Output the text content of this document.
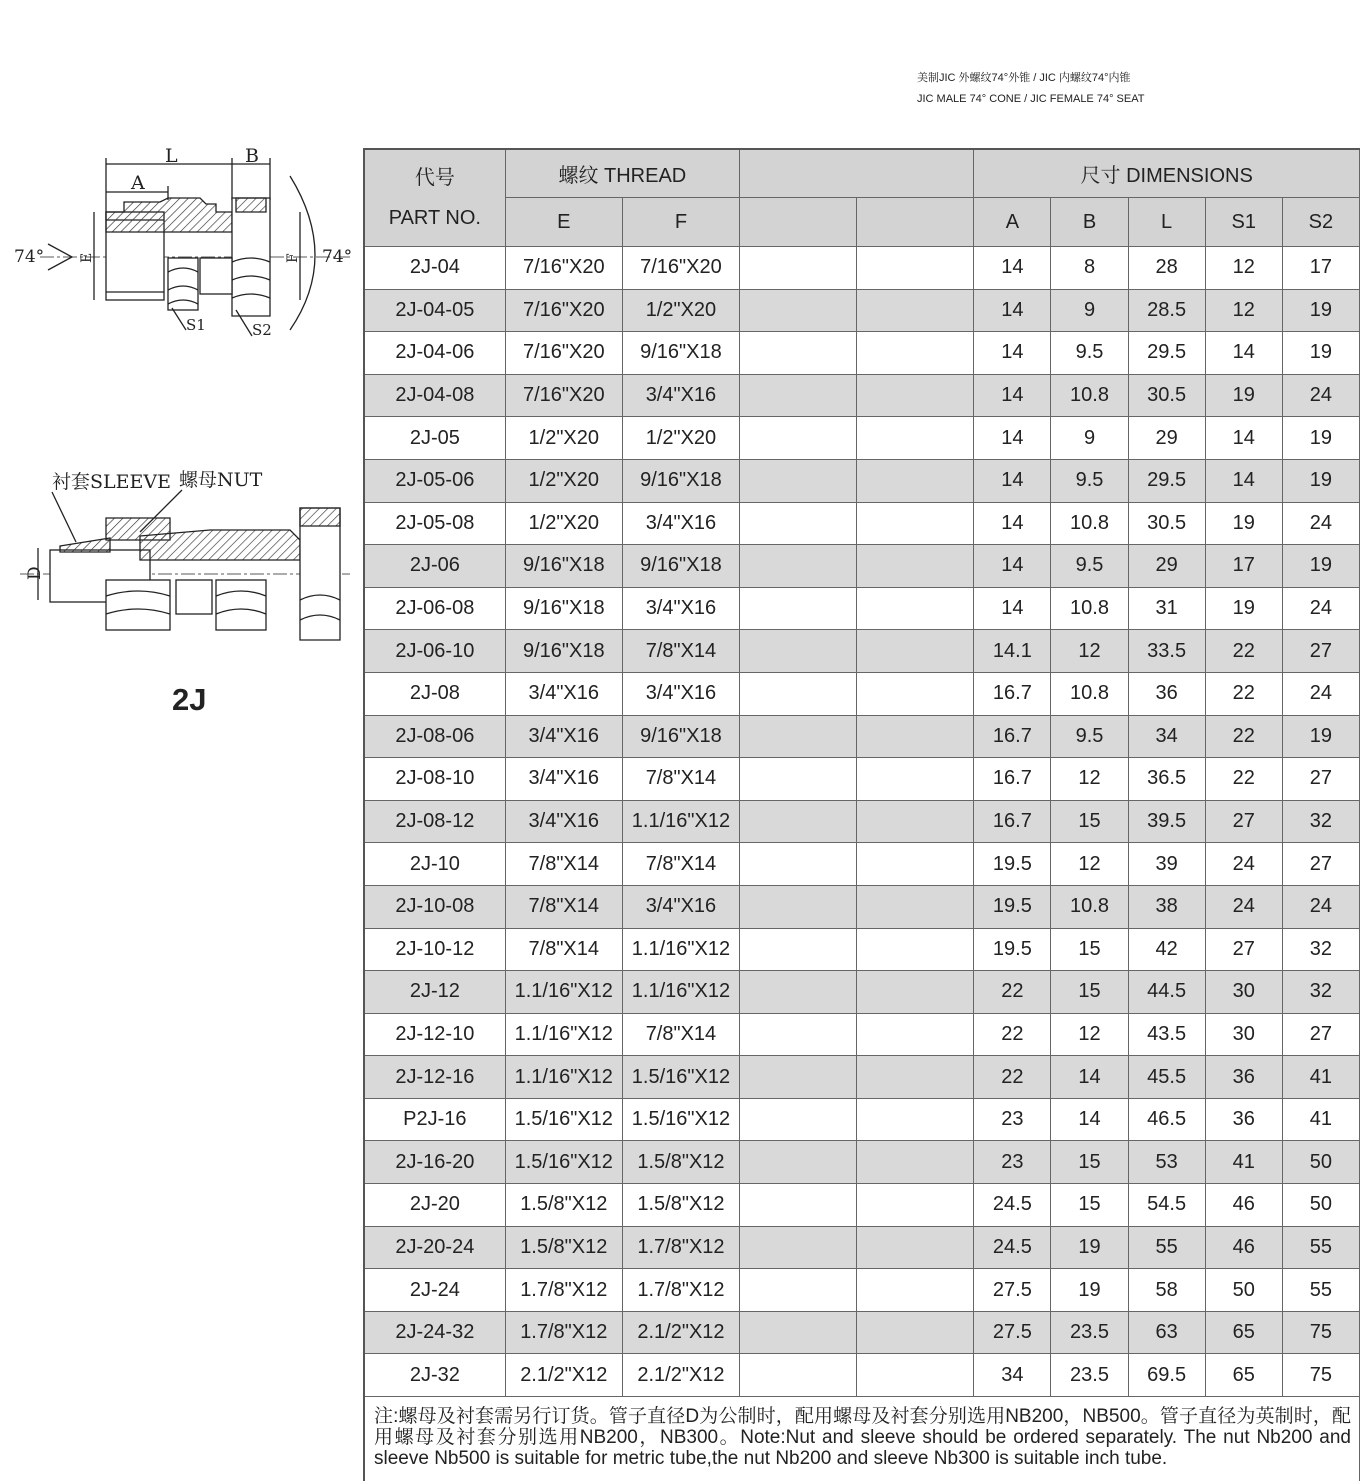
美制JIC 外螺纹74°外锥 / JIC 内螺纹74°内锥
JIC MALE 74° CONE / JIC FEMALE 74° SEAT
L	B
A
E	F
74°	74°
S1	S2
衬套SLEEVE 螺母NUT
D
2J
代号
PART NO.	螺纹 THREAD				尺寸 DIMENSIONS				
	E	F			A	B	L	S1	S2
2J-04	7/16"X20	7/16"X20			14	8	28	12	17
2J-04-05	7/16"X20	1/2"X20			14	9	28.5	12	19
2J-04-06	7/16"X20	9/16"X18			14	9.5	29.5	14	19
2J-04-08	7/16"X20	3/4"X16			14	10.8	30.5	19	24
2J-05	1/2"X20	1/2"X20			14	9	29	14	19
2J-05-06	1/2"X20	9/16"X18			14	9.5	29.5	14	19
2J-05-08	1/2"X20	3/4"X16			14	10.8	30.5	19	24
2J-06	9/16"X18	9/16"X18			14	9.5	29	17	19
2J-06-08	9/16"X18	3/4"X16			14	10.8	31	19	24
2J-06-10	9/16"X18	7/8"X14			14.1	12	33.5	22	27
2J-08	3/4"X16	3/4"X16			16.7	10.8	36	22	24
2J-08-06	3/4"X16	9/16"X18			16.7	9.5	34	22	19
2J-08-10	3/4"X16	7/8"X14			16.7	12	36.5	22	27
2J-08-12	3/4"X16	1.1/16"X12			16.7	15	39.5	27	32
2J-10	7/8"X14	7/8"X14			19.5	12	39	24	27
2J-10-08	7/8"X14	3/4"X16			19.5	10.8	38	24	24
2J-10-12	7/8"X14	1.1/16"X12			19.5	15	42	27	32
2J-12	1.1/16"X12	1.1/16"X12			22	15	44.5	30	32
2J-12-10	1.1/16"X12	7/8"X14			22	12	43.5	30	27
2J-12-16	1.1/16"X12	1.5/16"X12			22	14	45.5	36	41
P2J-16	1.5/16"X12	1.5/16"X12			23	14	46.5	36	41
2J-16-20	1.5/16"X12	1.5/8"X12			23	15	53	41	50
2J-20	1.5/8"X12	1.5/8"X12			24.5	15	54.5	46	50
2J-20-24	1.5/8"X12	1.7/8"X12			24.5	19	55	46	55
2J-24	1.7/8"X12	1.7/8"X12			27.5	19	58	50	55
2J-24-32	1.7/8"X12	2.1/2"X12			27.5	23.5	63	65	75
2J-32	2.1/2"X12	2.1/2"X12			34	23.5	69.5	65	75
注:螺母及衬套需另行订货。管子直径D为公制时，配用螺母及衬套分别选用NB200，NB500。管子直径为英制时，配用螺母及衬套分别选用NB200，NB300。Note:Nut and sleeve should be ordered separately. The nut Nb200 and sleeve Nb500 is suitable for metric tube,the nut Nb200 and sleeve Nb300 is suitable inch tube.
